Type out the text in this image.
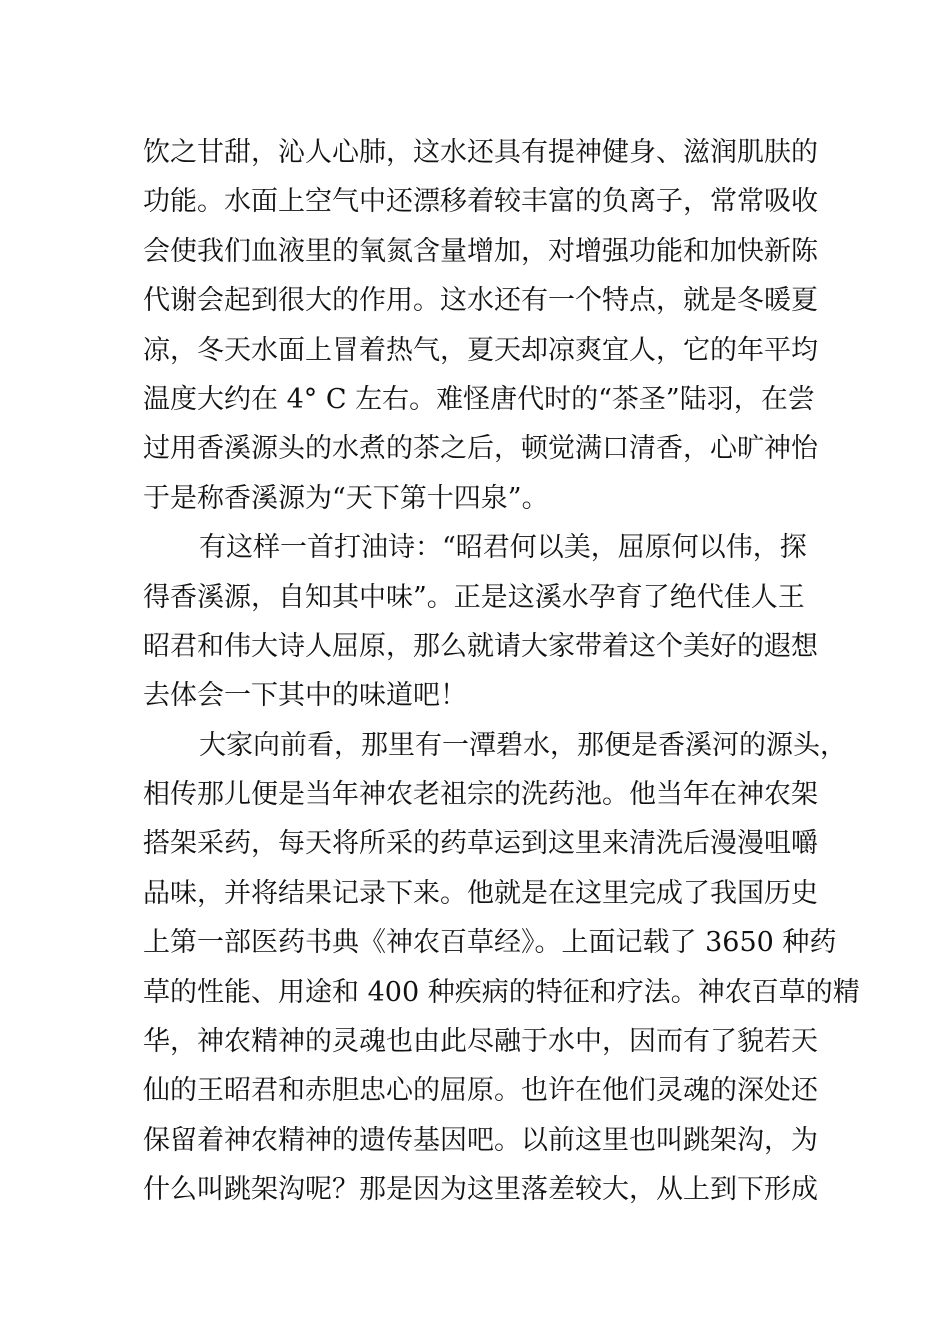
饮之甘甜，沁人心肺，这水还具有提神健身、滋润肌肤的
功能。水面上空气中还漂移着较丰富的负离子，常常吸收
会使我们血液里的氧氮含量增加，对增强功能和加快新陈
代谢会起到很大的作用。这水还有一个特点，就是冬暖夏
凉，冬天水面上冒着热气，夏天却凉爽宜人，它的年平均
温度大约在 4° C 左右。难怪唐代时的“茶圣”陆羽，在尝
过用香溪源头的水煮的茶之后，顿觉满口清香，心旷神怡
于是称香溪源为“天下第十四泉”。
有这样一首打油诗：“昭君何以美，屈原何以伟，探
得香溪源，自知其中味”。正是这溪水孕育了绝代佳人王
昭君和伟大诗人屈原，那么就请大家带着这个美好的遐想
去体会一下其中的味道吧！
大家向前看，那里有一潭碧水，那便是香溪河的源头，
相传那儿便是当年神农老祖宗的洗药池。他当年在神农架
搭架采药，每天将所采的药草运到这里来清洗后漫漫咀嚼
品味，并将结果记录下来。他就是在这里完成了我国历史
上第一部医药书典《神农百草经》。上面记载了 3650 种药
草的性能、用途和 400 种疾病的特征和疗法。神农百草的精
华，神农精神的灵魂也由此尽融于水中，因而有了貌若天
仙的王昭君和赤胆忠心的屈原。也许在他们灵魂的深处还
保留着神农精神的遗传基因吧。以前这里也叫跳架沟，为
什么叫跳架沟呢？那是因为这里落差较大，从上到下形成
